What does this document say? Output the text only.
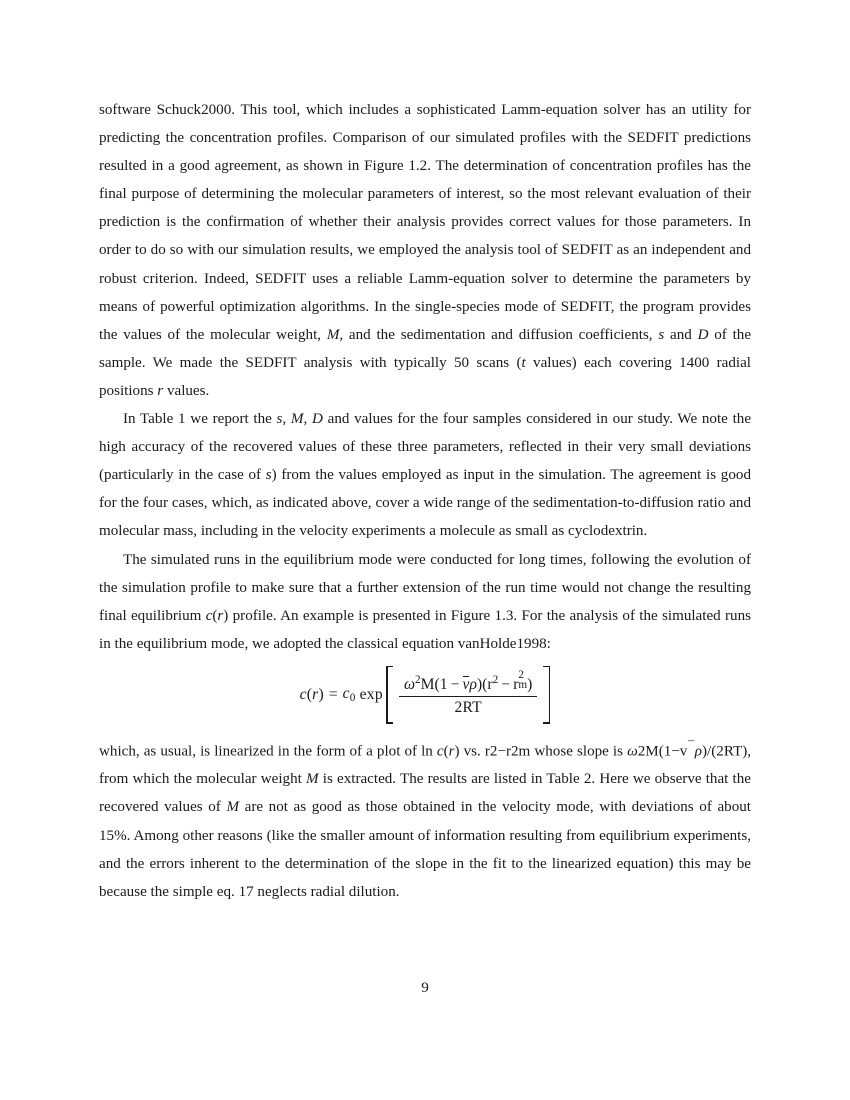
software Schuck2000. This tool, which includes a sophisticated Lamm-equation solver has an utility for predicting the concentration profiles. Comparison of our simulated profiles with the SEDFIT predictions resulted in a good agreement, as shown in Figure 1.2. The determination of concentration profiles has the final purpose of determining the molecular parameters of interest, so the most relevant evaluation of their prediction is the confirmation of whether their analysis provides correct values for those parameters. In order to do so with our simulation results, we employed the analysis tool of SEDFIT as an independent and robust criterion. Indeed, SEDFIT uses a reliable Lamm-equation solver to determine the parameters by means of powerful optimization algorithms. In the single-species mode of SEDFIT, the program provides the values of the molecular weight, M, and the sedimentation and diffusion coefficients, s and D of the sample. We made the SEDFIT analysis with typically 50 scans (t values) each covering 1400 radial positions r values.

In Table 1 we report the s, M, D and values for the four samples considered in our study. We note the high accuracy of the recovered values of these three parameters, reflected in their very small deviations (particularly in the case of s) from the values employed as input in the simulation. The agreement is good for the four cases, which, as indicated above, cover a wide range of the sedimentation-to-diffusion ratio and molecular mass, including in the velocity experiments a molecule as small as cyclodextrin.

The simulated runs in the equilibrium mode were conducted for long times, following the evolution of the simulation profile to make sure that a further extension of the run time would not change the resulting final equilibrium c(r) profile. An example is presented in Figure 1.3. For the analysis of the simulated runs in the equilibrium mode, we adopted the classical equation vanHolde1998:

$c(r) = c_0$ $\exp \omega^2M(1 - \nu\rho)(r^2 - r$
2
m )
2RT

which, as usual, is linearized in the form of a plot of ln c(r) vs. r2−r2m whose slope is ω2M(1−v¯ρ)/(2RT), from which the molecular weight M is extracted. The results are listed in Table 2. Here we observe that the recovered values of M are not as good as those obtained in the velocity mode, with deviations of about 15%. Among other reasons (like the smaller amount of information resulting from equilibrium experiments, and the errors inherent to the determination of the slope in the fit to the linearized equation) this may be because the simple eq. 17 neglects radial dilution.

9
